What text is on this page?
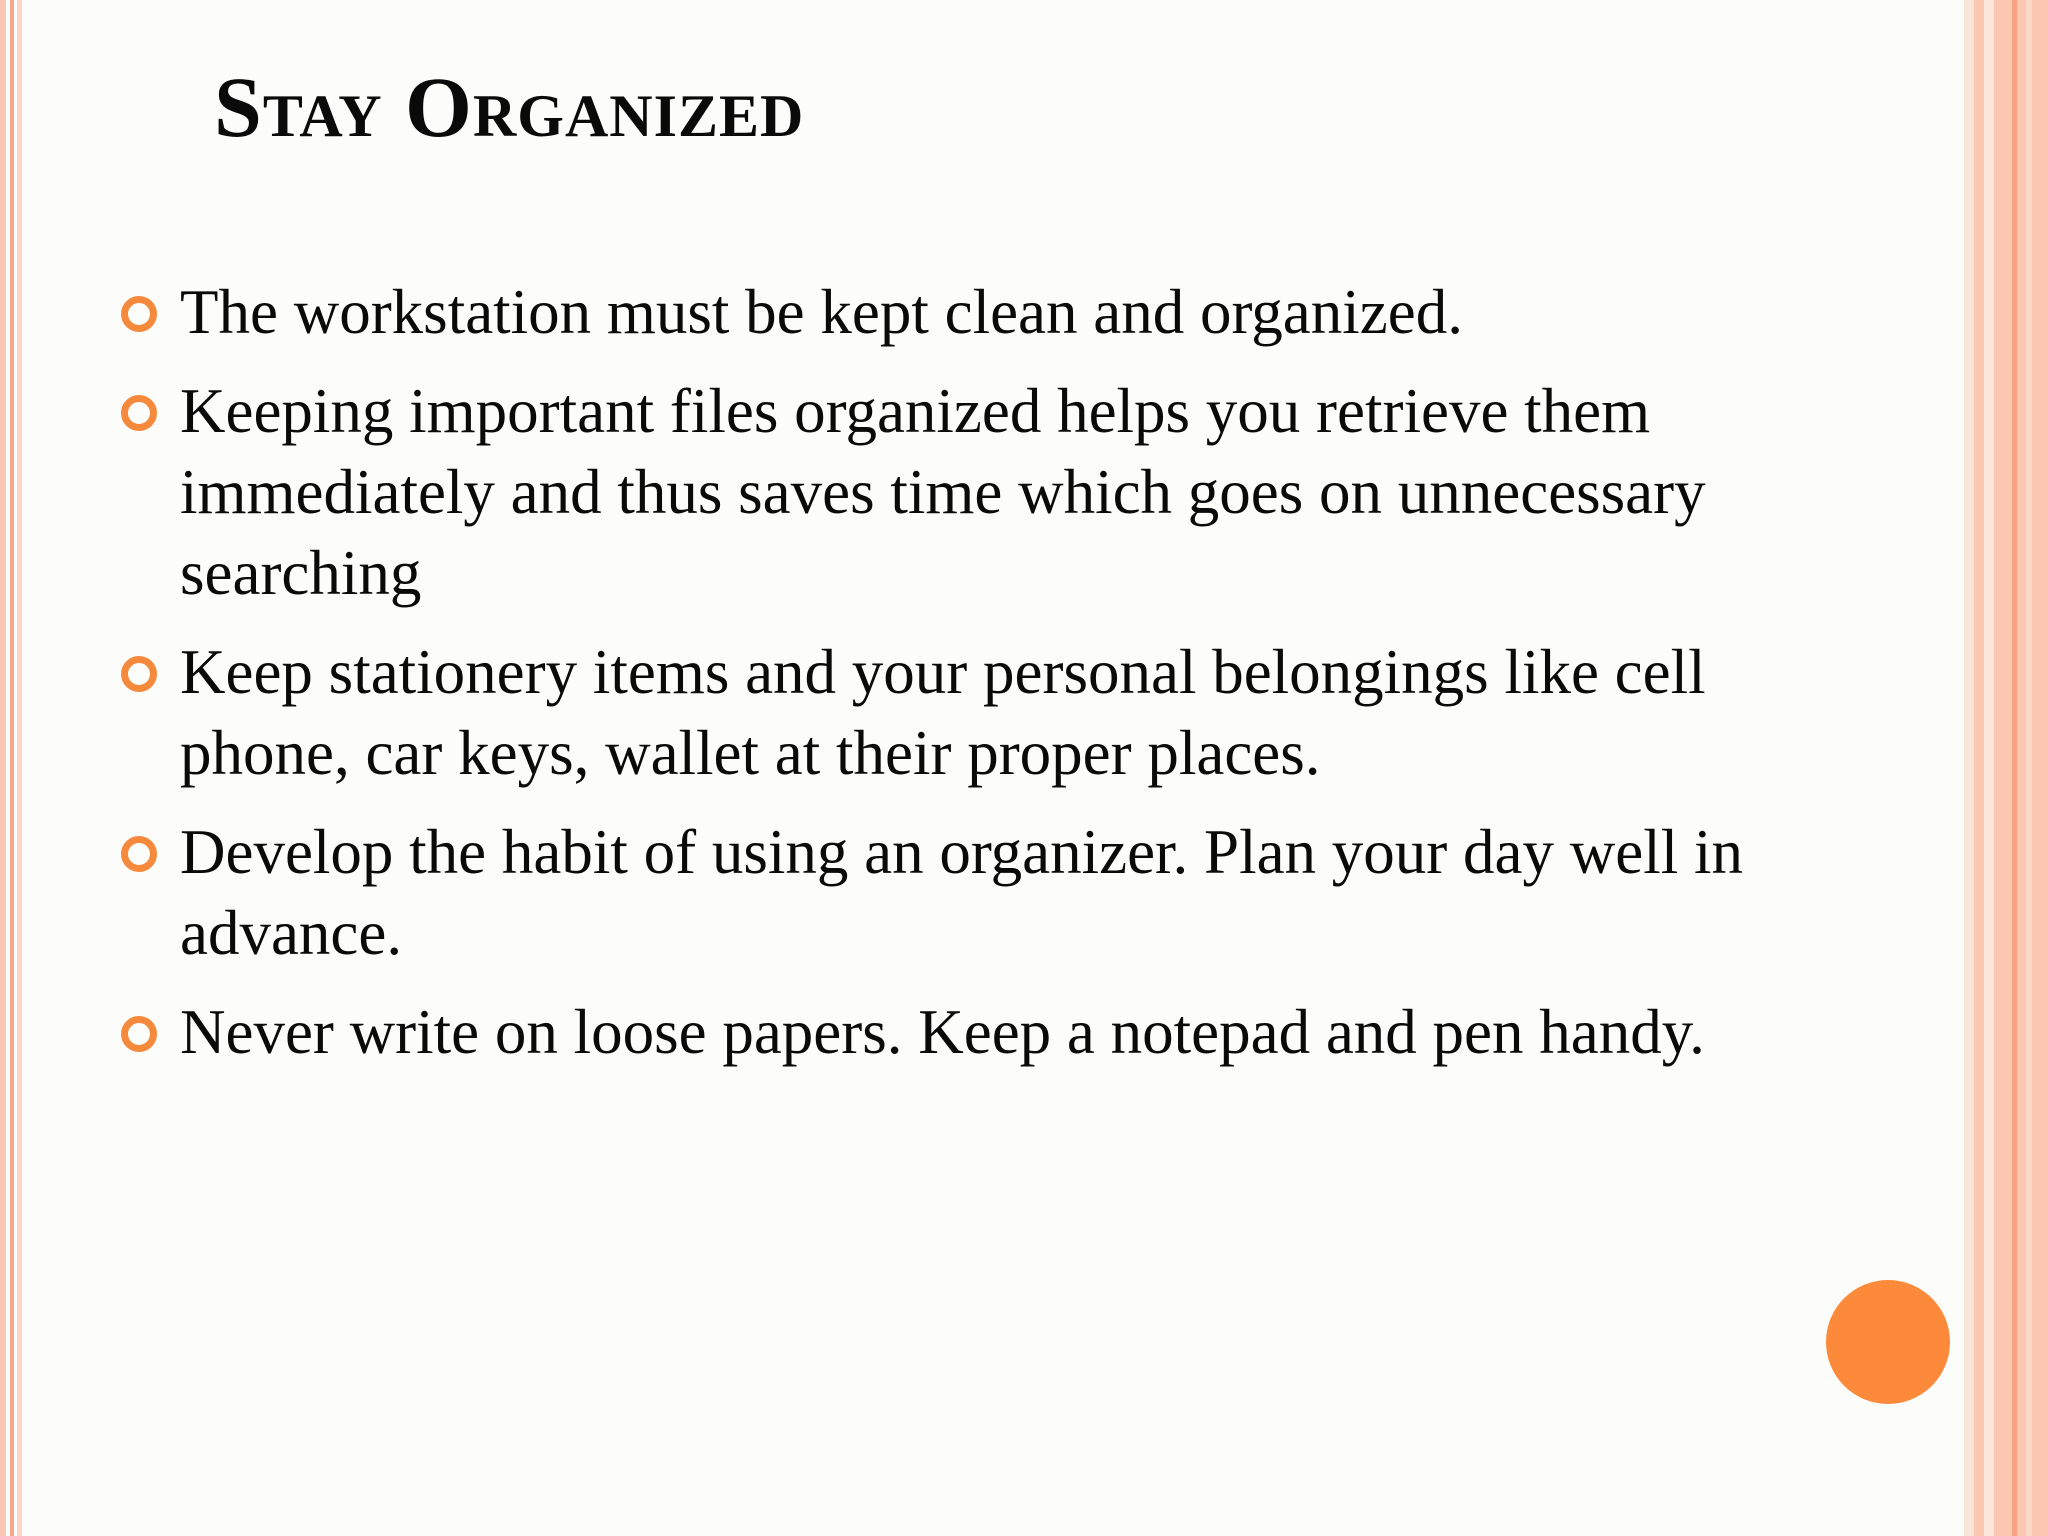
Stay Organized
The workstation must be kept clean and organized.
Keeping important files organized helps you retrieve them immediately and thus saves time which goes on unnecessary searching
Keep stationery items and your personal belongings like cell phone, car keys, wallet at their proper places.
Develop the habit of using an organizer. Plan your day well in advance.
Never write on loose papers. Keep a notepad and pen handy.
